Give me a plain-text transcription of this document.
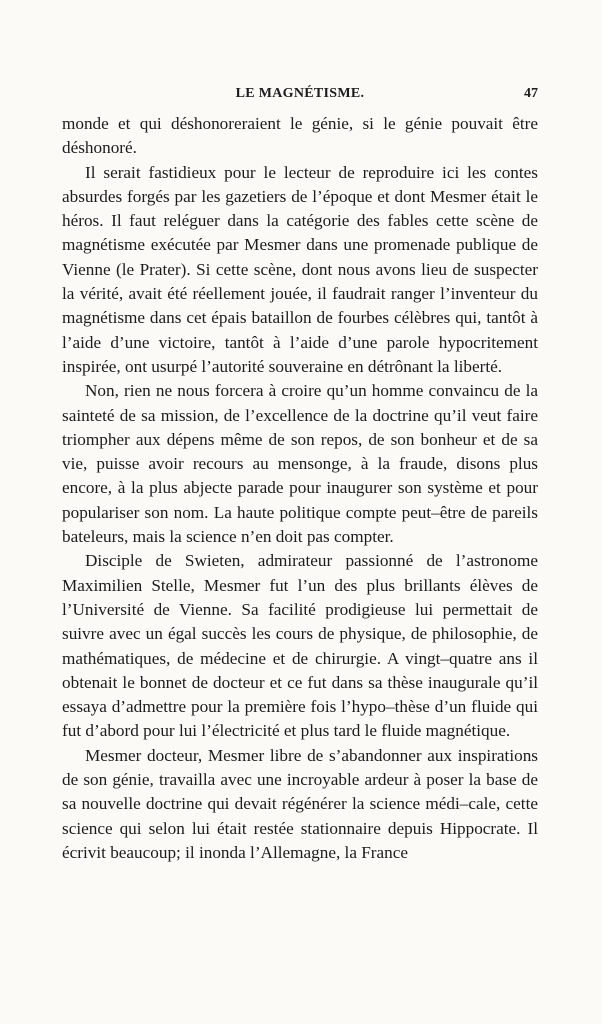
LE MAGNÉTISME.	47

monde et qui déshonoreraient le génie, si le génie pouvait être déshonoré.

Il serait fastidieux pour le lecteur de reproduire ici les contes absurdes forgés par les gazetiers de l’époque et dont Mesmer était le héros. Il faut reléguer dans la catégorie des fables cette scène de magnétisme exécutée par Mesmer dans une promenade publique de Vienne (le Prater). Si cette scène, dont nous avons lieu de suspecter la vérité, avait été réellement jouée, il faudrait ranger l’inventeur du magnétisme dans cet épais bataillon de fourbes célèbres qui, tantôt à l’aide d’une victoire, tantôt à l’aide d’une parole hypocritement inspirée, ont usurpé l’autorité souveraine en détrônant la liberté.

Non, rien ne nous forcera à croire qu’un homme convaincu de la sainteté de sa mission, de l’excellence de la doctrine qu’il veut faire triompher aux dépens même de son repos, de son bonheur et de sa vie, puisse avoir recours au mensonge, à la fraude, disons plus encore, à la plus abjecte parade pour inaugurer son système et pour populariser son nom. La haute politique compte peut–être de pareils bateleurs, mais la science n’en doit pas compter.

Disciple de Swieten, admirateur passionné de l’astronome Maximilien Stelle, Mesmer fut l’un des plus brillants élèves de l’Université de Vienne. Sa facilité prodigieuse lui permettait de suivre avec un égal succès les cours de physique, de philosophie, de mathématiques, de médecine et de chirurgie. A vingt–quatre ans il obtenait le bonnet de docteur et ce fut dans sa thèse inaugurale qu’il essaya d’admettre pour la première fois l’hypo–thèse d’un fluide qui fut d’abord pour lui l’électricité et plus tard le fluide magnétique.

Mesmer docteur, Mesmer libre de s’abandonner aux inspirations de son génie, travailla avec une incroyable ardeur à poser la base de sa nouvelle doctrine qui devait régénérer la science médi–cale, cette science qui selon lui était restée stationnaire depuis Hippocrate. Il écrivit beaucoup; il inonda l’Allemagne, la France
